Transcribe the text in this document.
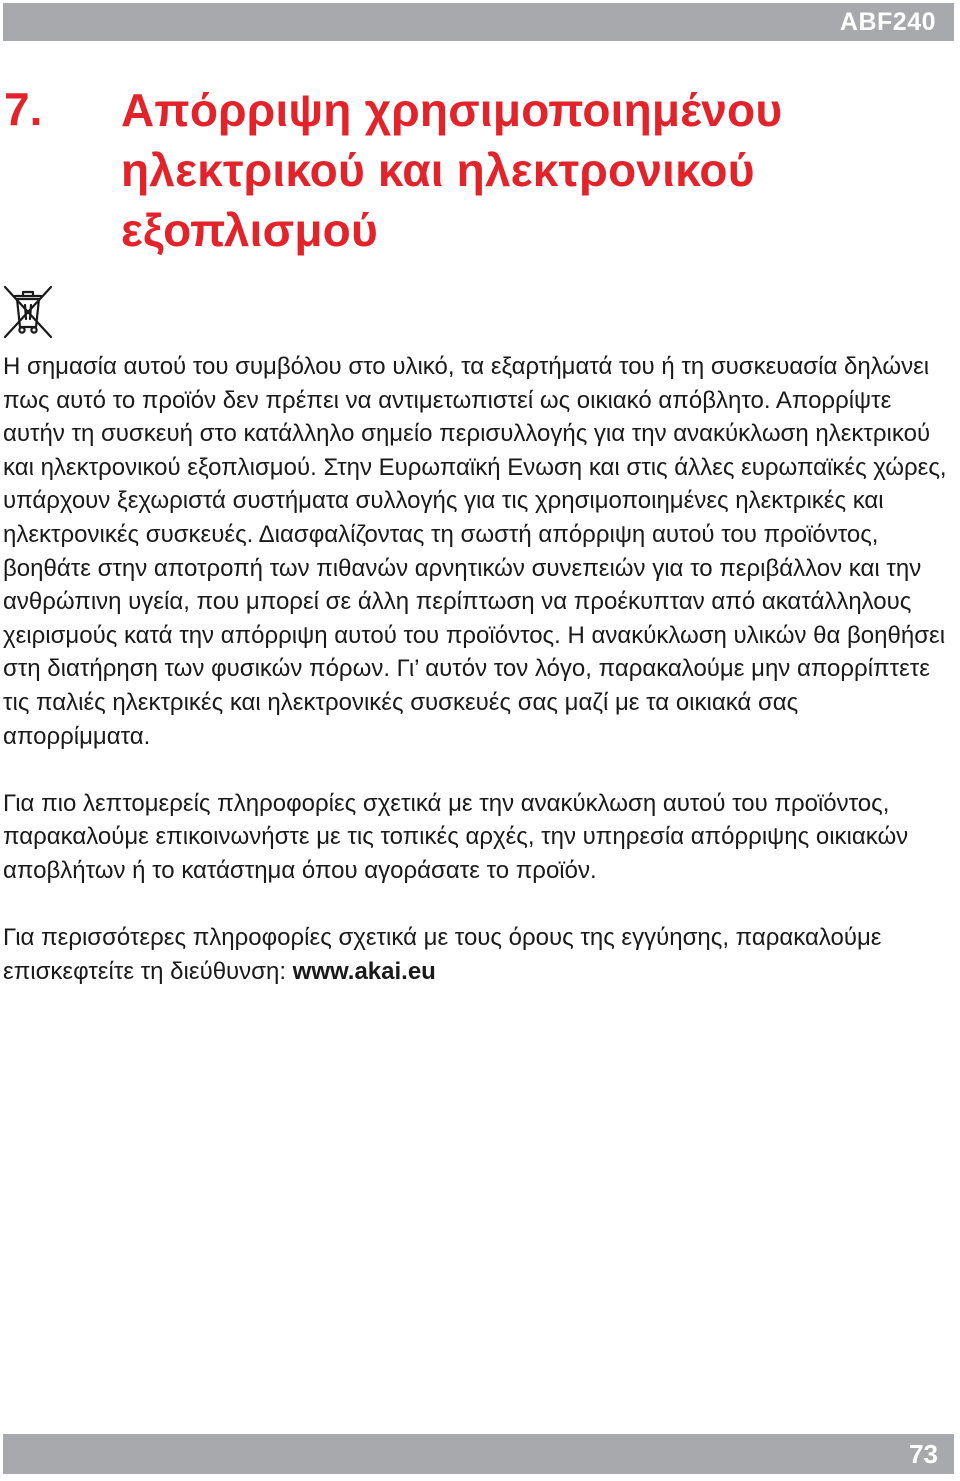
ABF240
7. Απόρριψη χρησιμοποιημένου ηλεκτρικού και ηλεκτρονικού εξοπλισμού

Η σημασία αυτού του συμβόλου στο υλικό, τα εξαρτήματά του ή τη συσκευασία δηλώνει πως αυτό το προϊόν δεν πρέπει να αντιμετωπιστεί ως οικιακό απόβλητο. Απορρίψτε αυτήν τη συσκευή στο κατάλληλο σημείο περισυλλογής για την ανακύκλωση ηλεκτρικού και ηλεκτρονικού εξοπλισμού. Στην Ευρωπαϊκή Ενωση και στις άλλες ευρωπαϊκές χώρες, υπάρχουν ξεχωριστά συστήματα συλλογής για τις χρησιμοποιημένες ηλεκτρικές και ηλεκτρονικές συσκευές. Διασφαλίζοντας τη σωστή απόρριψη αυτού του προϊόντος, βοηθάτε στην αποτροπή των πιθανών αρνητικών συνεπειών για το περιβάλλον και την ανθρώπινη υγεία, που μπορεί σε άλλη περίπτωση να προέκυπταν από ακατάλληλους χειρισμούς κατά την απόρριψη αυτού του προϊόντος. Η ανακύκλωση υλικών θα βοηθήσει στη διατήρηση των φυσικών πόρων. Γι’ αυτόν τον λόγο, παρακαλούμε μην απορρίπτετε τις παλιές ηλεκτρικές και ηλεκτρονικές συσκευές σας μαζί με τα οικιακά σας απορρίμματα.

Για πιο λεπτομερείς πληροφορίες σχετικά με την ανακύκλωση αυτού του προϊόντος, παρακαλούμε επικοινωνήστε με τις τοπικές αρχές, την υπηρεσία απόρριψης οικιακών αποβλήτων ή το κατάστημα όπου αγοράσατε το προϊόν.

Για περισσότερες πληροφορίες σχετικά με τους όρους της εγγύησης, παρακαλούμε επισκεφτείτε τη διεύθυνση: www.akai.eu

73
